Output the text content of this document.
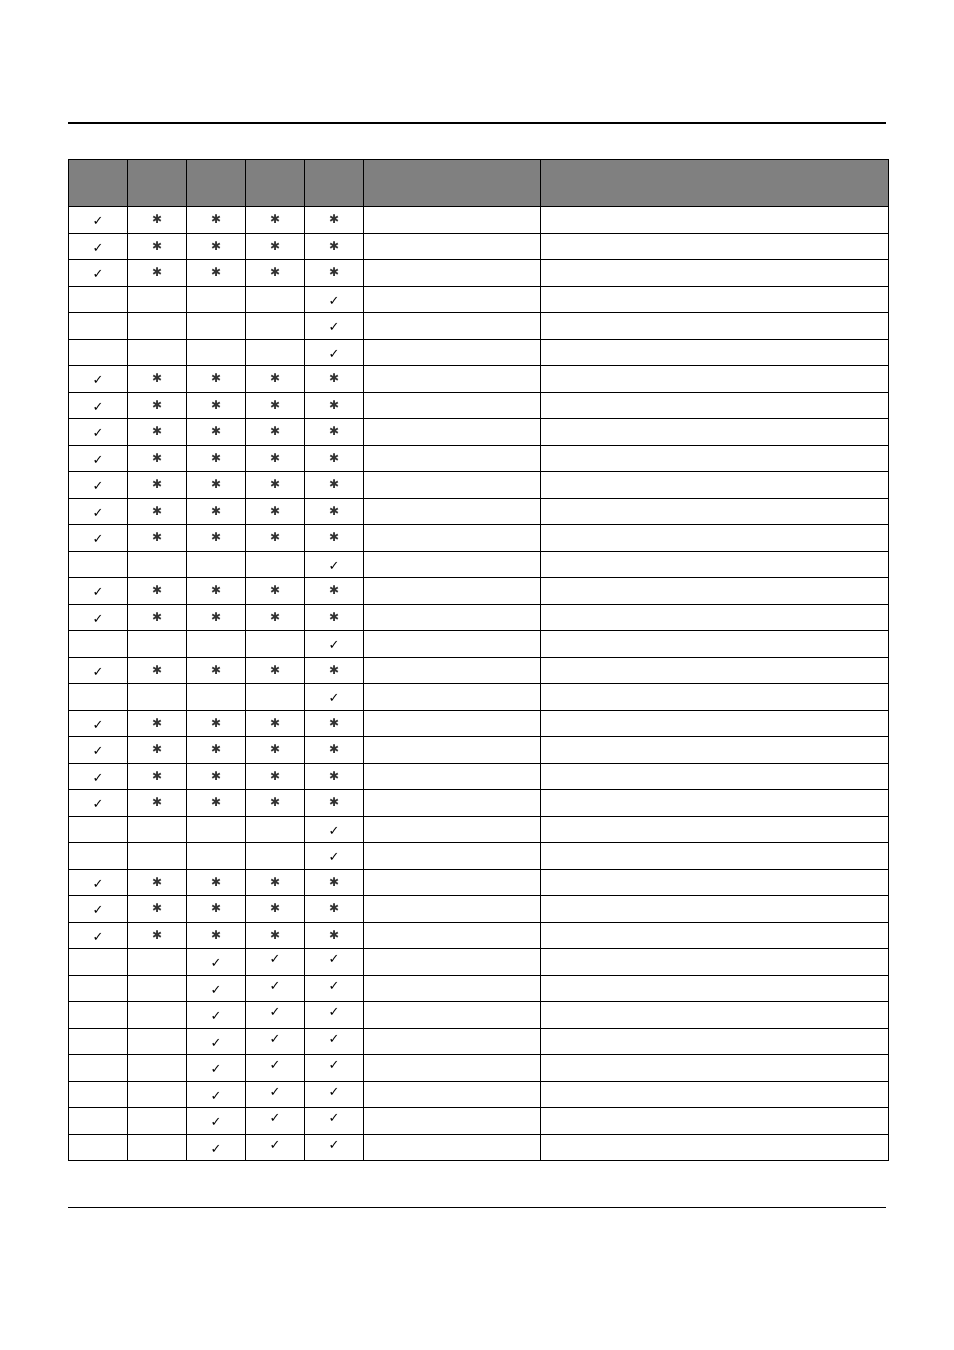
✓	✱	✱	✱	✱		
✓	✱	✱	✱	✱		
✓	✱	✱	✱	✱		
				✓		
				✓		
				✓		
✓	✱	✱	✱	✱		
✓	✱	✱	✱	✱		
✓	✱	✱	✱	✱		
✓	✱	✱	✱	✱		
✓	✱	✱	✱	✱		
✓	✱	✱	✱	✱		
✓	✱	✱	✱	✱		
				✓		
✓	✱	✱	✱	✱		
✓	✱	✱	✱	✱		
				✓		
✓	✱	✱	✱	✱		
				✓		
✓	✱	✱	✱	✱		
✓	✱	✱	✱	✱		
✓	✱	✱	✱	✱		
✓	✱	✱	✱	✱		
				✓		
				✓		
✓	✱	✱	✱	✱		
✓	✱	✱	✱	✱		
✓	✱	✱	✱	✱		
		✓	✓	✓		
		✓	✓	✓		
		✓	✓	✓		
		✓	✓	✓		
		✓	✓	✓		
		✓	✓	✓		
		✓	✓	✓		
		✓	✓	✓		
